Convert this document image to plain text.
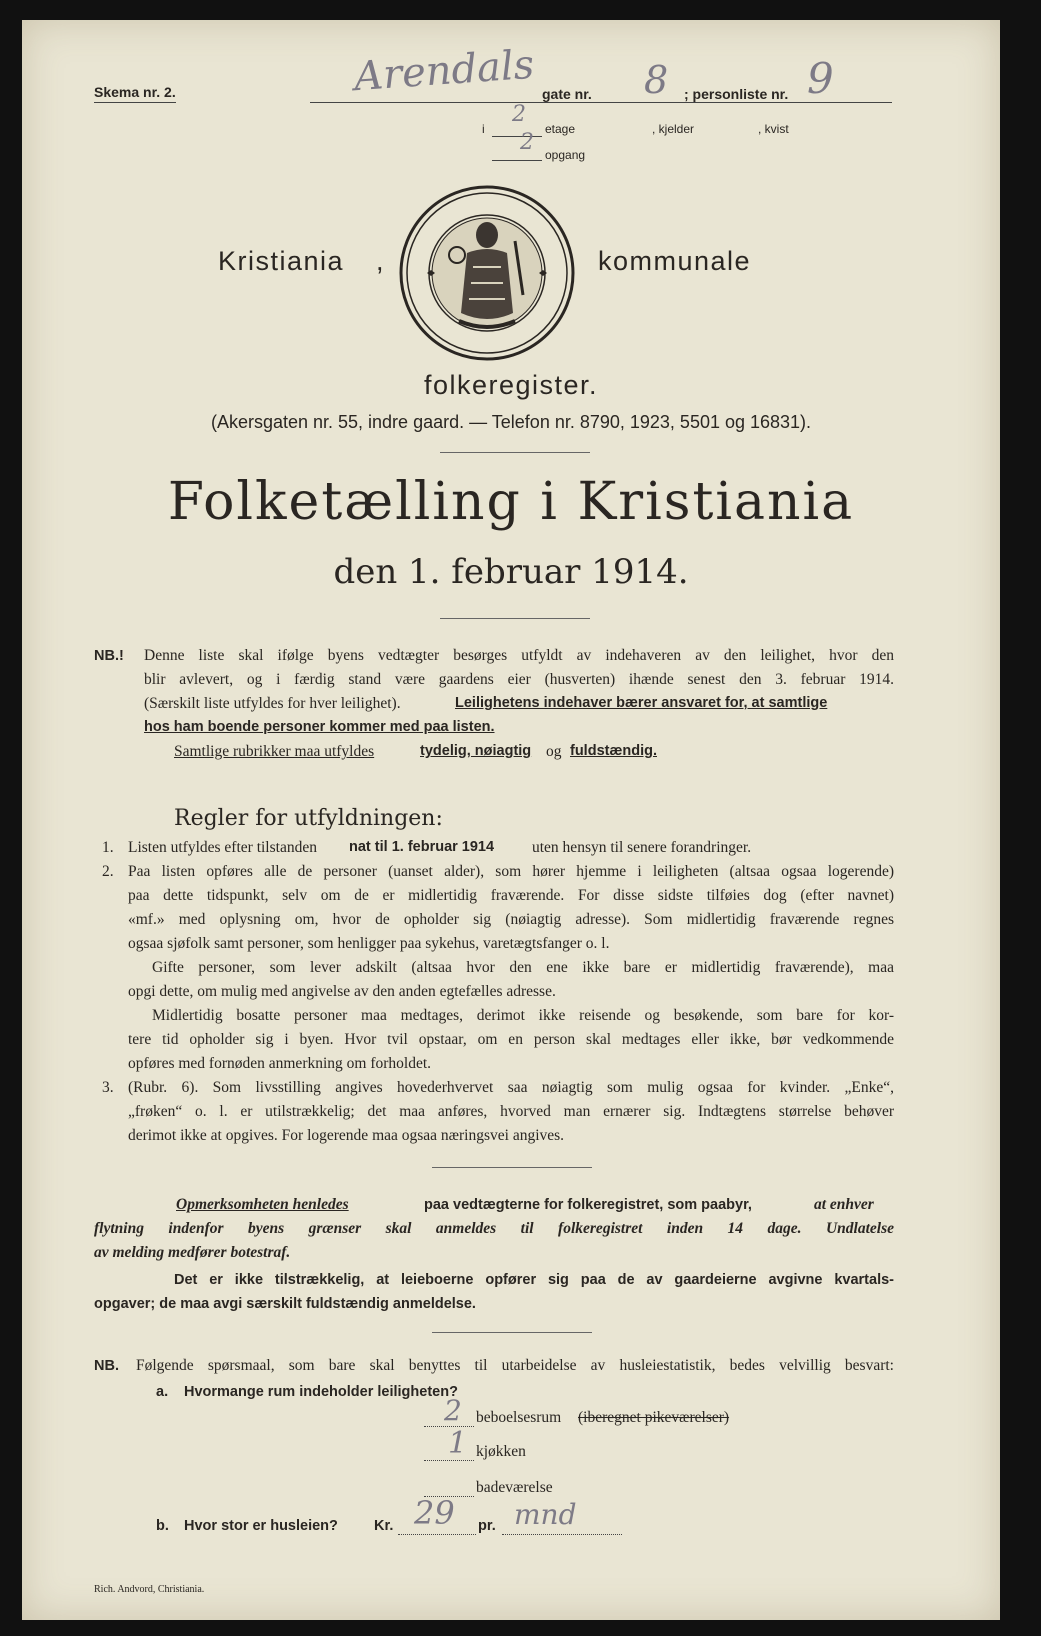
Skema nr. 2.	Arendals gate nr. 8 ; personliste nr. 9
i
2
etage	, kjelder	, kvist
2 opgang
Kristiania ,	kommunale
folkeregister.
(Akersgaten nr. 55, indre gaard. — Telefon nr. 8790, 1923, 5501 og 16831).
Folketælling i Kristiania
den 1. februar 1914.
NB.! Denne liste skal ifølge byens vedtægter besørges utfyldt av indehaveren av den leilighet, hvor den
blir avlevert, og i færdig stand være gaardens eier (husverten) ihænde senest den 3. februar 1914.
(Særskilt liste utfyldes for hver leilighet).	Leilighetens indehaver bærer ansvaret for, at samtlige
hos ham boende personer kommer med paa listen.
Samtlige rubrikker maa utfyldes	tydelig, nøiagtig og fuldstændig.
Regler for utfyldningen:
1. Listen utfyldes efter tilstanden nat til 1. februar 1914 uten hensyn til senere forandringer.
2. Paa listen opføres alle de personer (uanset alder), som hører hjemme i leiligheten (altsaa ogsaa logerende)
paa dette tidspunkt, selv om de er midlertidig fraværende. For disse sidste tilføies dog (efter navnet)
«mf.» med oplysning om, hvor de opholder sig (nøiagtig adresse). Som midlertidig fraværende regnes
ogsaa sjøfolk samt personer, som henligger paa sykehus, varetægtsfanger o. l.
Gifte personer, som lever adskilt (altsaa hvor den ene ikke bare er midlertidig fraværende), maa
opgi dette, om mulig med angivelse av den anden egtefælles adresse.
Midlertidig bosatte personer maa medtages, derimot ikke reisende og besøkende, som bare for kor-
tere tid opholder sig i byen. Hvor tvil opstaar, om en person skal medtages eller ikke, bør vedkommende
opføres med fornøden anmerkning om forholdet.
3. (Rubr. 6). Som livsstilling angives hovederhvervet saa nøiagtig som mulig ogsaa for kvinder. „Enke“,
„frøken“ o. l. er utilstrækkelig; det maa anføres, hvorved man ernærer sig. Indtægtens størrelse behøver
derimot ikke at opgives. For logerende maa ogsaa næringsvei angives.
Opmerksomheten henledes	paa vedtægterne for folkeregistret, som paabyr,	at enhver
flytning indenfor byens grænser skal anmeldes til folkeregistret inden 14 dage. Undlatelse
av melding medfører botestraf.
Det er ikke tilstrækkelig, at leieboerne opfører sig paa de av gaardeierne avgivne kvartals-
opgaver; de maa avgi særskilt fuldstændig anmeldelse.
NB. Følgende spørsmaal, som bare skal benyttes til utarbeidelse av husleiestatistik, bedes velvillig besvart:
a. Hvormange rum indeholder leiligheten?
2 beboelsesrum (iberegnet pikeværelser)
1 kjøkken
badeværelse
b. Hvor stor er husleien? Kr. 29 pr. mnd
Rich. Andvord, Christiania.
